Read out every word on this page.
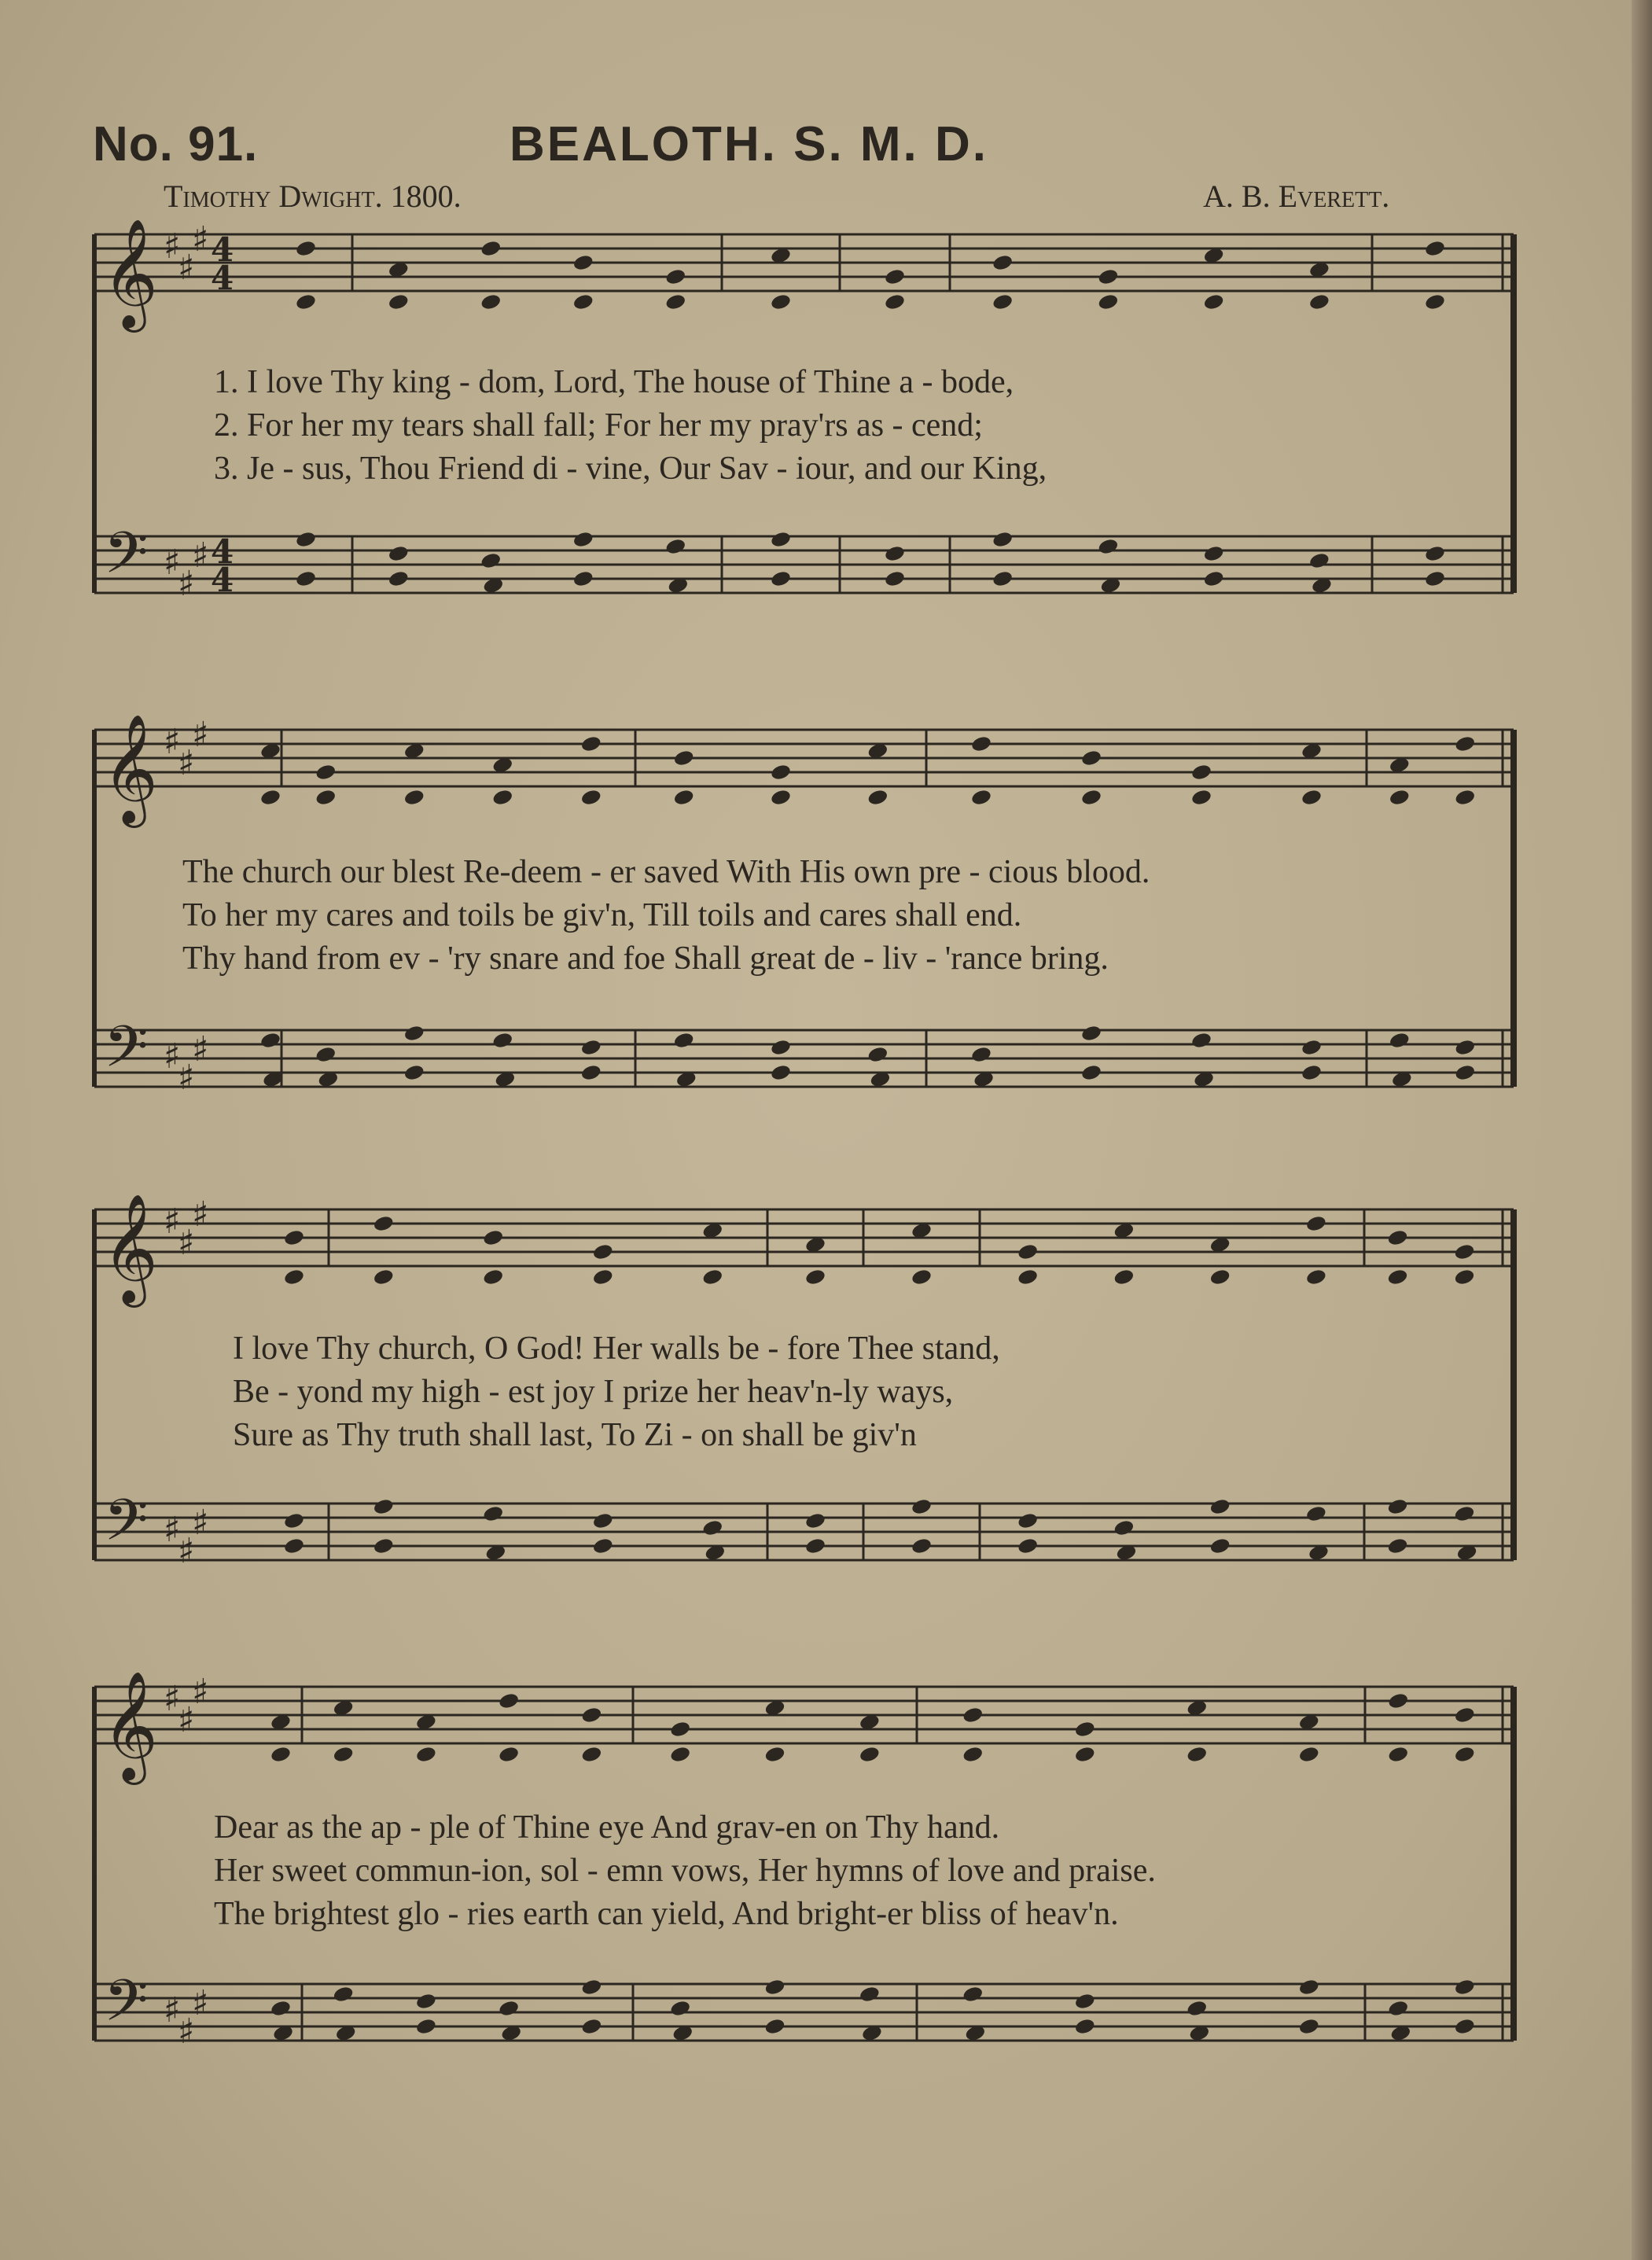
No. 91.	BEALOTH. S. M. D.
Timothy Dwight. 1800.	A. B. Everett.
𝄞
𝄢
♯
♯
♯
♯
♯
♯
4
4
4
4
𝄞
𝄢
♯
♯
♯
♯
♯
♯
𝄞
𝄢
♯
♯
♯
♯
♯
♯
𝄞
𝄢
♯
♯
♯
♯
♯
♯
1. I love Thy king - dom, Lord, The house of Thine a - bode,
2. For her my tears shall fall; For her my pray'rs as - cend;
3. Je - sus, Thou Friend di - vine, Our Sav - iour, and our King,
The church our blest Re-deem - er saved With His own pre - cious blood.
To her my cares and toils be giv'n, Till toils and cares shall end.
Thy hand from ev - 'ry snare and foe Shall great de - liv - 'rance bring.
I love Thy church, O God! Her walls be - fore Thee stand,
Be - yond my high - est joy I prize her heav'n-ly ways,
Sure as Thy truth shall last, To Zi - on shall be giv'n
Dear as the ap - ple of Thine eye And grav-en on Thy hand.
Her sweet commun-ion, sol - emn vows, Her hymns of love and praise.
The brightest glo - ries earth can yield, And bright-er bliss of heav'n.
